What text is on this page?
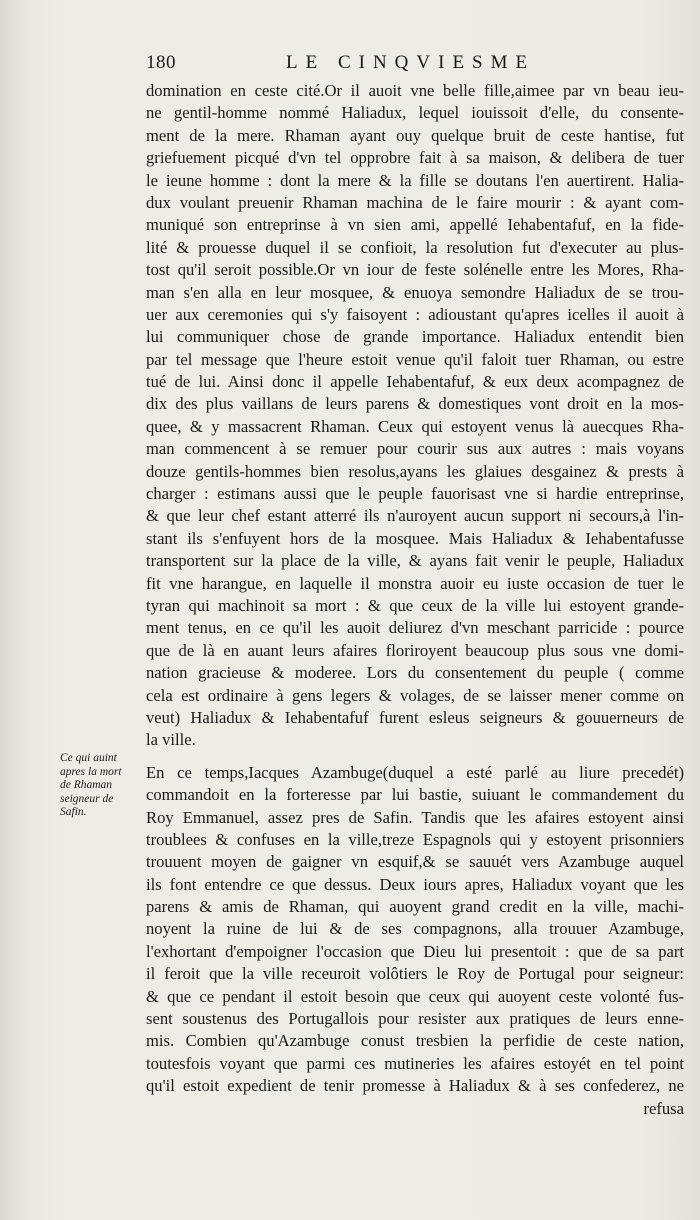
180	LE CINQVIESME
domination en ceste cité.Or il auoit vne belle fille,aimee par vn beau ieu-
ne gentil-homme nommé Haliadux, lequel iouissoit d'elle, du consente-
ment de la mere. Rhaman ayant ouy quelque bruit de ceste hantise, fut
griefuement picqué d'vn tel opprobre fait à sa maison, & delibera de tuer
le ieune homme : dont la mere & la fille se doutans l'en auertirent. Halia-
dux voulant preuenir Rhaman machina de le faire mourir : & ayant com-
muniqué son entreprinse à vn sien ami, appellé Iehabentafuf, en la fide-
lité & prouesse duquel il se confioit, la resolution fut d'executer au plus-
tost qu'il seroit possible.Or vn iour de feste solénelle entre les Mores, Rha-
man s'en alla en leur mosquee, & enuoya semondre Haliadux de se trou-
uer aux ceremonies qui s'y faisoyent : adioustant qu'apres icelles il auoit à
lui communiquer chose de grande importance. Haliadux entendit bien
par tel message que l'heure estoit venue qu'il faloit tuer Rhaman, ou estre
tué de lui. Ainsi donc il appelle Iehabentafuf, & eux deux acompagnez de
dix des plus vaillans de leurs parens & domestiques vont droit en la mos-
quee, & y massacrent Rhaman. Ceux qui estoyent venus là auecques Rha-
man commencent à se remuer pour courir sus aux autres : mais voyans
douze gentils-hommes bien resolus,ayans les glaiues desgainez & prests à
charger : estimans aussi que le peuple fauorisast vne si hardie entreprinse,
& que leur chef estant atterré ils n'auroyent aucun support ni secours,à l'in-
stant ils s'enfuyent hors de la mosquee. Mais Haliadux & Iehabentafusse
transportent sur la place de la ville, & ayans fait venir le peuple, Haliadux
fit vne harangue, en laquelle il monstra auoir eu iuste occasion de tuer le
tyran qui machinoit sa mort : & que ceux de la ville lui estoyent grande-
ment tenus, en ce qu'il les auoit deliurez d'vn meschant parricide : pource
que de là en auant leurs afaires floriroyent beaucoup plus sous vne domi-
nation gracieuse & moderee. Lors du consentement du peuple ( comme
cela est ordinaire à gens legers & volages, de se laisser mener comme on
veut) Haliadux & Iehabentafuf furent esleus seigneurs & gouuerneurs de
la ville.
En ce temps,Iacques Azambuge(duquel a esté parlé au liure precedét)
commandoit en la forteresse par lui bastie, suiuant le commandement du
Roy Emmanuel, assez pres de Safin. Tandis que les afaires estoyent ainsi
troublees & confuses en la ville,treze Espagnols qui y estoyent prisonniers
trouuent moyen de gaigner vn esquif,& se sauuét vers Azambuge auquel
ils font entendre ce que dessus. Deux iours apres, Haliadux voyant que les
parens & amis de Rhaman, qui auoyent grand credit en la ville, machi-
noyent la ruine de lui & de ses compagnons, alla trouuer Azambuge,
l'exhortant d'empoigner l'occasion que Dieu lui presentoit : que de sa part
il feroit que la ville receuroit volôtiers le Roy de Portugal pour seigneur:
& que ce pendant il estoit besoin que ceux qui auoyent ceste volonté fus-
sent soustenus des Portugallois pour resister aux pratiques de leurs enne-
mis. Combien qu'Azambuge conust tresbien la perfidie de ceste nation,
toutesfois voyant que parmi ces mutineries les afaires estoyét en tel point
qu'il estoit expedient de tenir promesse à Haliadux & à ses confederez, ne
refusa
Ce qui auint
apres la mort
de Rhaman
seigneur de
Safin.
